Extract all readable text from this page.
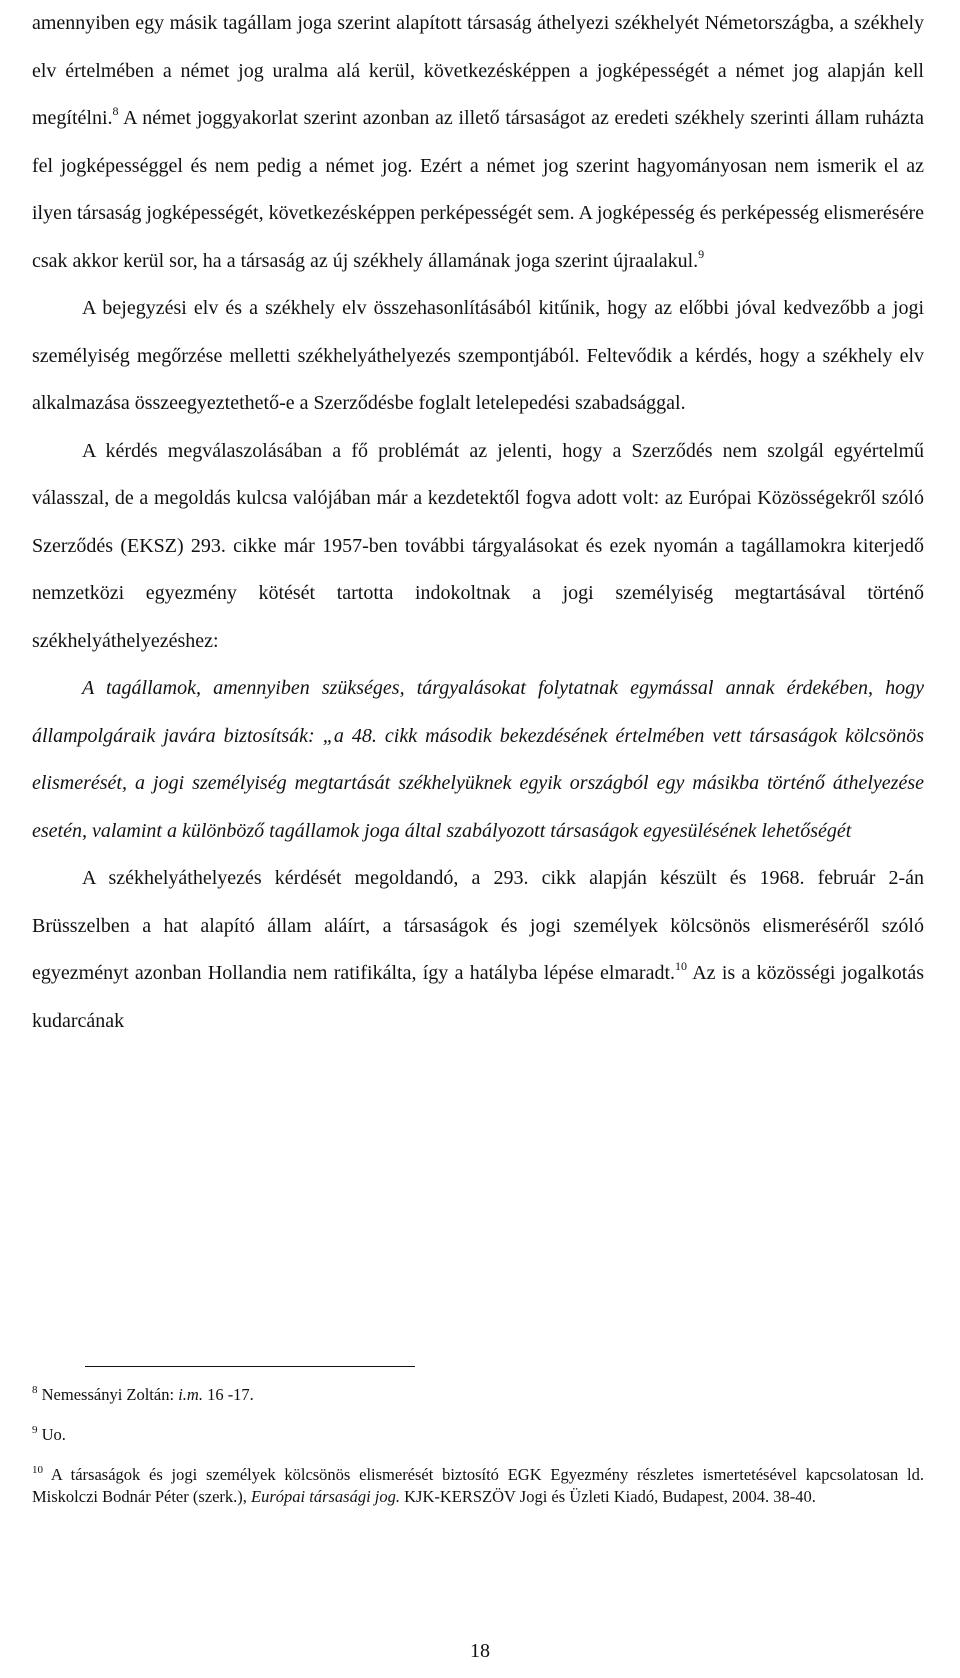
amennyiben egy másik tagállam joga szerint alapított társaság áthelyezi székhelyét Németországba, a székhely elv értelmében a német jog uralma alá kerül, következésképpen a jogképességét a német jog alapján kell megítélni.$^8$ A német joggyakorlat szerint azonban az illető társaságot az eredeti székhely szerinti állam ruházta fel jogképességgel és nem pedig a német jog. Ezért a német jog szerint hagyományosan nem ismerik el az ilyen társaság jogképességét, következésképpen perképességét sem. A jogképesség és perképesség elismerésére csak akkor kerül sor, ha a társaság az új székhely államának joga szerint újraalakul.$^9$

A bejegyzési elv és a székhely elv összehasonlításából kitűnik, hogy az előbbi jóval kedvezőbb a jogi személyiség megőrzése melletti székhelyáthelyezés szempontjából. Feltevődik a kérdés, hogy a székhely elv alkalmazása összeegyeztethető-e a Szerződésbe foglalt letelepedési szabadsággal.

A kérdés megválaszolásában a fő problémát az jelenti, hogy a Szerződés nem szolgál egyértelmű válasszal, de a megoldás kulcsa valójában már a kezdetektől fogva adott volt: az Európai Közösségekről szóló Szerződés (EKSZ) 293. cikke már 1957-ben további tárgyalásokat és ezek nyomán a tagállamokra kiterjedő nemzetközi egyezmény kötését tartotta indokoltnak a jogi személyiség megtartásával történő székhelyáthelyezéshez:

A tagállamok, amennyiben szükséges, tárgyalásokat folytatnak egymással annak érdekében, hogy állampolgáraik javára biztosítsák: „a 48. cikk második bekezdésének értelmében vett társaságok kölcsönös elismerését, a jogi személyiség megtartását székhelyüknek egyik országból egy másikba történő áthelyezése esetén, valamint a különböző tagállamok joga által szabályozott társaságok egyesülésének lehetőségét

A székhelyáthelyezés kérdését megoldandó, a 293. cikk alapján készült és 1968. február 2-án Brüsszelben a hat alapító állam aláírt, a társaságok és jogi személyek kölcsönös elismeréséről szóló egyezményt azonban Hollandia nem ratifikálta, így a hatályba lépése elmaradt.$^{10}$ Az is a közösségi jogalkotás kudarcának

$^8$ Nemessányi Zoltán: i.m. 16 -17.
$^9$ Uo.
$^{10}$ A társaságok és jogi személyek kölcsönös elismerését biztosító EGK Egyezmény részletes ismertetésével kapcsolatosan ld. Miskolczi Bodnár Péter (szerk.), Európai társasági jog. KJK-KERSZÖV Jogi és Üzleti Kiadó, Budapest, 2004. 38-40.
18
